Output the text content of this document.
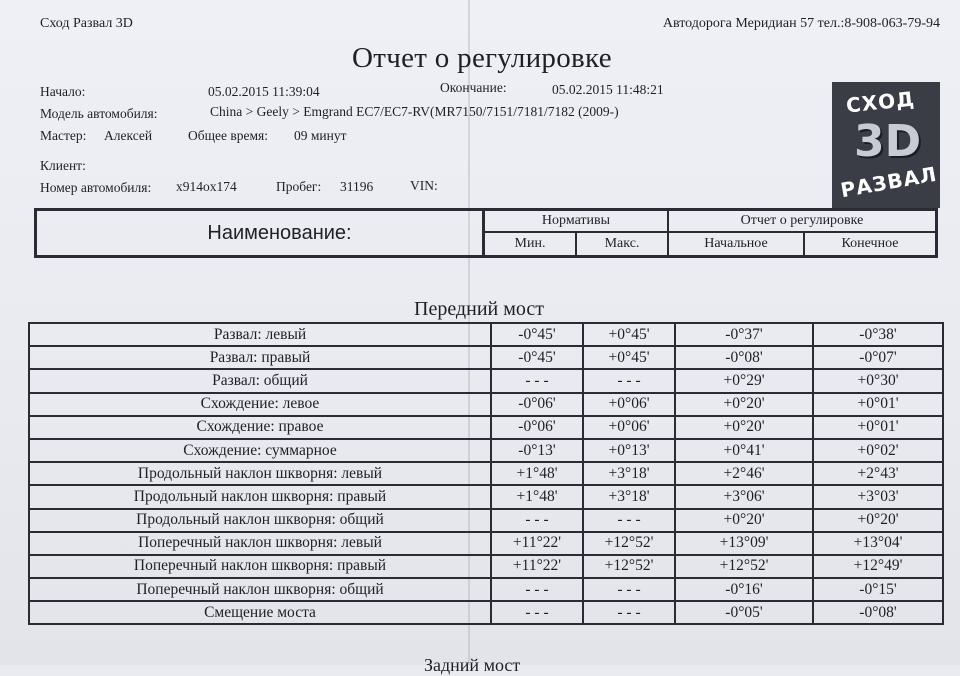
Сход Развал 3D	Автодорога Меридиан 57 тел.:8-908-063-79-94
Отчет о регулировке
Начало:	05.02.2015 11:39:04	Окончание:	05.02.2015 11:48:21
Модель автомобиля:	China > Geely > Emgrand EC7/EC7-RV(MR7150/7151/7181/7182 (2009-)
Мастер: Алексей	Общее время: 09 минут
Клиент:
Номер автомобиля: x914ox174	Пробег: 31196	VIN:
СХОД
3D
РАЗВАЛ
Наименование:
Нормативы	Отчет о регулировке
Мин.	Макс.	Начальное	Конечное
Передний мост
Развал: левый	-0°45'	+0°45'	-0°37'	-0°38'
Развал: правый	-0°45'	+0°45'	-0°08'	-0°07'
Развал: общий	- - -	- - -	+0°29'	+0°30'
Схождение: левое	-0°06'	+0°06'	+0°20'	+0°01'
Схождение: правое	-0°06'	+0°06'	+0°20'	+0°01'
Схождение: суммарное	-0°13'	+0°13'	+0°41'	+0°02'
Продольный наклон шкворня: левый	+1°48'	+3°18'	+2°46'	+2°43'
Продольный наклон шкворня: правый	+1°48'	+3°18'	+3°06'	+3°03'
Продольный наклон шкворня: общий	- - -	- - -	+0°20'	+0°20'
Поперечный наклон шкворня: левый	+11°22'	+12°52'	+13°09'	+13°04'
Поперечный наклон шкворня: правый	+11°22'	+12°52'	+12°52'	+12°49'
Поперечный наклон шкворня: общий	- - -	- - -	-0°16'	-0°15'
Смещение моста	- - -	- - -	-0°05'	-0°08'
Задний мост
